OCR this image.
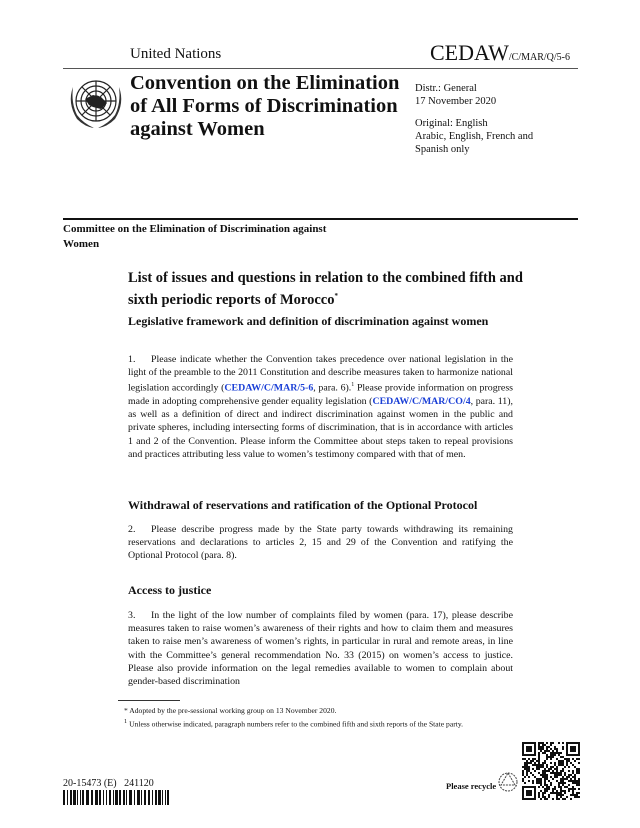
United Nations	CEDAW/C/MAR/Q/5-6
Convention on the Elimination of All Forms of Discrimination against Women
Distr.: General
17 November 2020
Original: English
Arabic, English, French and
Spanish only
Committee on the Elimination of Discrimination against Women
List of issues and questions in relation to the combined fifth and sixth periodic reports of Morocco*
Legislative framework and definition of discrimination against women
1. Please indicate whether the Convention takes precedence over national legislation in the light of the preamble to the 2011 Constitution and describe measures taken to harmonize national legislation accordingly (CEDAW/C/MAR/5-6, para. 6).$^1$ Please provide information on progress made in adopting comprehensive gender equality legislation (CEDAW/C/MAR/CO/4, para. 11), as well as a definition of direct and indirect discrimination against women in the public and private spheres, including intersecting forms of discrimination, that is in accordance with articles 1 and 2 of the Convention. Please inform the Committee about steps taken to repeal provisions and practices attributing less value to women’s testimony compared with that of men.
Withdrawal of reservations and ratification of the Optional Protocol
2. Please describe progress made by the State party towards withdrawing its remaining reservations and declarations to articles 2, 15 and 29 of the Convention and ratifying the Optional Protocol (para. 8).
Access to justice
3. In the light of the low number of complaints filed by women (para. 17), please describe measures taken to raise women’s awareness of their rights and how to claim them and measures taken to raise men’s awareness of women’s rights, in particular in rural and remote areas, in line with the Committee’s general recommendation No. 33 (2015) on women’s access to justice. Please also provide information on the legal remedies available to women to complain about gender-based discrimination
* Adopted by the pre-sessional working group on 13 November 2020.
$^1$ Unless otherwise indicated, paragraph numbers refer to the combined fifth and sixth reports of the State party.
20-15473 (E) 241120	Please recycle
